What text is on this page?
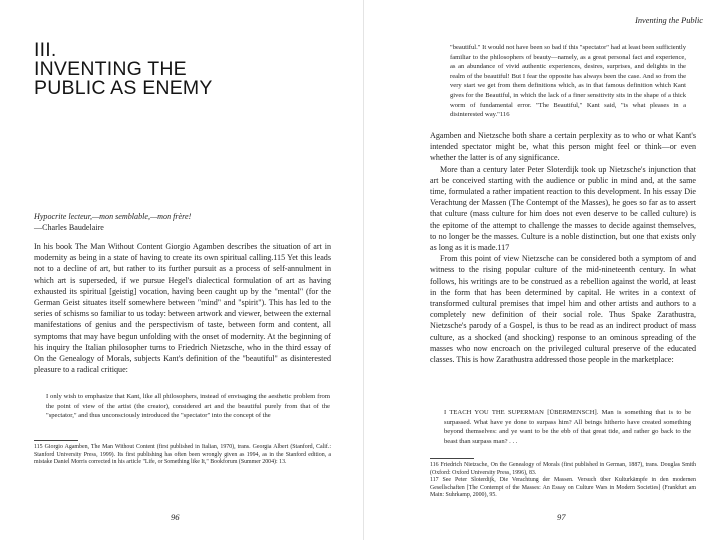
III.
INVENTING THE
PUBLIC AS ENEMY
Hypocrite lecteur,—mon semblable,—mon frère!
—Charles Baudelaire

In his book The Man Without Content Giorgio Agamben describes the situation of art in modernity as being in a state of having to create its own spiritual calling.115 Yet this leads not to a decline of art, but rather to its further pursuit as a process of self-annulment in which art is superseded, if we pursue Hegel's dialectical formulation of art as having exhausted its spiritual [geistig] vocation, having been caught up by the "mental" (for the German Geist situates itself somewhere between "mind" and "spirit"). This has led to the series of schisms so familiar to us today: between artwork and viewer, between the external manifestations of genius and the perspectivism of taste, between form and content, all symptoms that may have begun unfolding with the onset of modernity. At the beginning of his inquiry the Italian philosopher turns to Friedrich Nietzsche, who in the third essay of On the Genealogy of Morals, subjects Kant's definition of the "beautiful" as disinterested pleasure to a radical critique:

I only wish to emphasize that Kant, like all philosophers, instead of envisaging the aesthetic problem from the point of view of the artist (the creator), considered art and the beautiful purely from that of the "spectator," and thus unconsciously introduced the "spectator" into the concept of the

115 Giorgio Agamben, The Man Without Content (first published in Italian, 1970), trans. Georgia Albert (Stanford, Calif.: Stanford University Press, 1999). Its first publishing has often been wrongly given as 1994, as in the Stanford edition, a mistake Daniel Morris corrected in his article "Life, or Something like It," Bookforum (Summer 2004): 13.

96
Inventing the Public
"beautiful." It would not have been so bad if this "spectator" had at least been sufficiently familiar to the philosophers of beauty—namely, as a great personal fact and experience, as an abundance of vivid authentic experiences, desires, surprises, and delights in the realm of the beautiful! But I fear the opposite has always been the case. And so from the very start we get from them definitions which, as in that famous definition which Kant gives for the Beautiful, in which the lack of a finer sensitivity sits in the shape of a thick worm of fundamental error. "The Beautiful," Kant said, "is what pleases in a disinterested way."116

Agamben and Nietzsche both share a certain perplexity as to who or what Kant's intended spectator might be, what this person might feel or think—or even whether the latter is of any significance.

More than a century later Peter Sloterdijk took up Nietzsche's injunction that art be conceived starting with the audience or public in mind and, at the same time, formulated a rather impatient reaction to this development. In his essay Die Verachtung der Massen (The Contempt of the Masses), he goes so far as to assert that culture (mass culture for him does not even deserve to be called culture) is the epitome of the attempt to challenge the masses to decide against themselves, to no longer be the masses. Culture is a noble distinction, but one that exists only as long as it is made.117

From this point of view Nietzsche can be considered both a symptom of and witness to the rising popular culture of the mid-nineteenth century. In what follows, his writings are to be construed as a rebellion against the world, at least in the form that has been determined by capital. He writes in a context of transformed cultural premises that impel him and other artists and authors to a completely new definition of their social role. Thus Spake Zarathustra, Nietzsche's parody of a Gospel, is thus to be read as an indirect product of mass culture, as a shocked (and shocking) response to an ominous spreading of the masses who now encroach on the privileged cultural preserve of the educated classes. This is how Zarathustra addressed those people in the marketplace:

I TEACH YOU THE SUPERMAN [ÜBERMENSCH]. Man is something that is to be surpassed. What have ye done to surpass him? All beings hitherto have created something beyond themselves: and ye want to be the ebb of that great tide, and rather go back to the beast than surpass man? . . .

116 Friedrich Nietzsche, On the Genealogy of Morals (first published in German, 1887), trans. Douglas Smith (Oxford: Oxford University Press, 1996), 83.

117 See Peter Sloterdijk, Die Verachtung der Massen. Versuch über Kulturkämpfe in den modernen Gesellschaften [The Contempt of the Masses: An Essay on Culture Wars in Modern Societies] (Frankfurt am Main: Suhrkamp, 2000), 95.

97
